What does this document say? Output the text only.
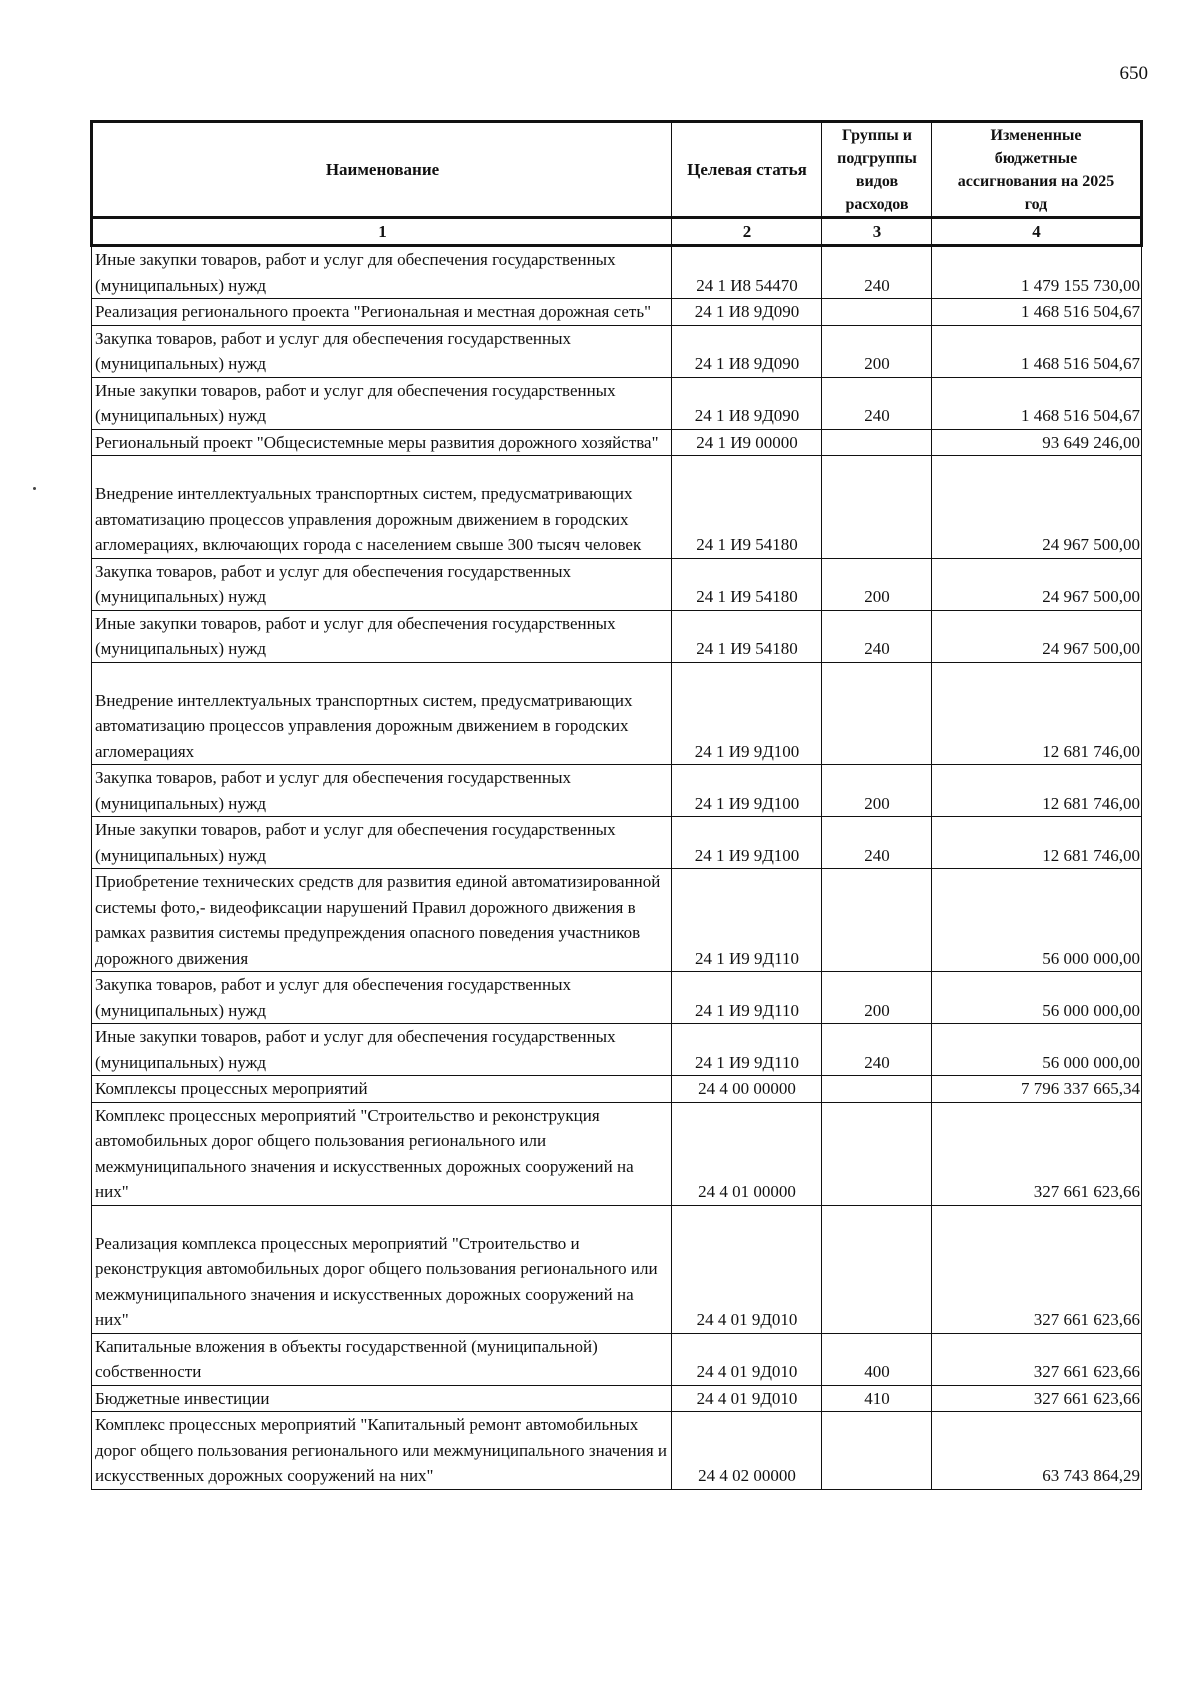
650
Наименование	Целевая статья	Группы и подгруппы видов расходов	Измененные бюджетные ассигнования на 2025 год
1	2	3	4
Иные закупки товаров, работ и услуг для обеспечения государственных (муниципальных) нужд	24 1 И8 54470	240	1 479 155 730,00
Реализация регионального проекта "Региональная и местная дорожная сеть"	24 1 И8 9Д090		1 468 516 504,67
Закупка товаров, работ и услуг для обеспечения государственных (муниципальных) нужд	24 1 И8 9Д090	200	1 468 516 504,67
Иные закупки товаров, работ и услуг для обеспечения государственных (муниципальных) нужд	24 1 И8 9Д090	240	1 468 516 504,67
Региональный проект "Общесистемные меры развития дорожного хозяйства"	24 1 И9 00000		93 649 246,00
Внедрение интеллектуальных транспортных систем, предусматривающих автоматизацию процессов управления дорожным движением в городских агломерациях, включающих города с населением свыше 300 тысяч человек	24 1 И9 54180		24 967 500,00
Закупка товаров, работ и услуг для обеспечения государственных (муниципальных) нужд	24 1 И9 54180	200	24 967 500,00
Иные закупки товаров, работ и услуг для обеспечения государственных (муниципальных) нужд	24 1 И9 54180	240	24 967 500,00
Внедрение интеллектуальных транспортных систем, предусматривающих автоматизацию процессов управления дорожным движением в городских агломерациях	24 1 И9 9Д100		12 681 746,00
Закупка товаров, работ и услуг для обеспечения государственных (муниципальных) нужд	24 1 И9 9Д100	200	12 681 746,00
Иные закупки товаров, работ и услуг для обеспечения государственных (муниципальных) нужд	24 1 И9 9Д100	240	12 681 746,00
Приобретение технических средств для развития единой автоматизированной системы фото,- видеофиксации нарушений Правил дорожного движения в рамках развития системы предупреждения опасного поведения участников дорожного движения	24 1 И9 9Д110		56 000 000,00
Закупка товаров, работ и услуг для обеспечения государственных (муниципальных) нужд	24 1 И9 9Д110	200	56 000 000,00
Иные закупки товаров, работ и услуг для обеспечения государственных (муниципальных) нужд	24 1 И9 9Д110	240	56 000 000,00
Комплексы процессных мероприятий	24 4 00 00000		7 796 337 665,34
Комплекс процессных мероприятий "Строительство и реконструкция автомобильных дорог общего пользования регионального или межмуниципального значения и искусственных дорожных сооружений на них"	24 4 01 00000		327 661 623,66
Реализация комплекса процессных мероприятий "Строительство и реконструкция автомобильных дорог общего пользования регионального или межмуниципального значения и искусственных дорожных сооружений на них"	24 4 01 9Д010		327 661 623,66
Капитальные вложения в объекты государственной (муниципальной) собственности	24 4 01 9Д010	400	327 661 623,66
Бюджетные инвестиции	24 4 01 9Д010	410	327 661 623,66
Комплекс процессных мероприятий "Капитальный ремонт автомобильных дорог общего пользования регионального или межмуниципального значения и искусственных дорожных сооружений на них"	24 4 02 00000		63 743 864,29
